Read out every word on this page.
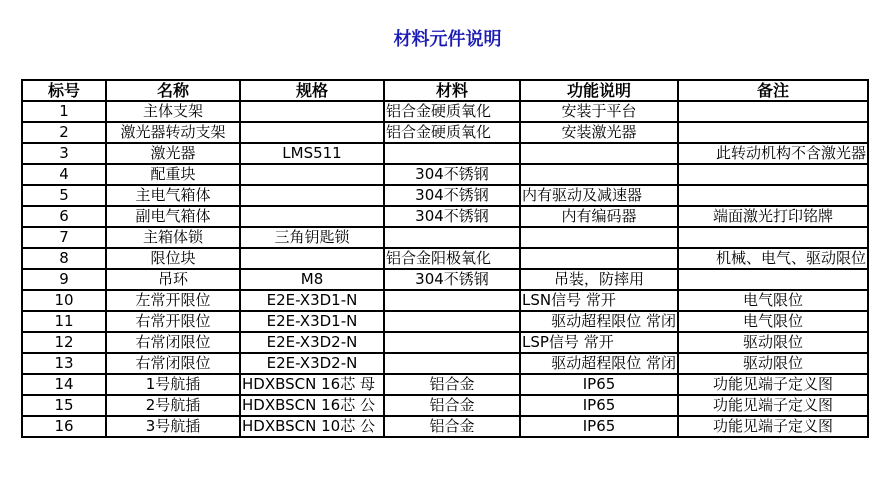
材料元件说明
标号	名称	规格	材料	功能说明	备注
1	主体支架		铝合金硬质氧化	安装于平台	
2	激光器转动支架		铝合金硬质氧化	安装激光器	
3	激光器	LMS511			此转动机构不含激光器
4	配重块		304不锈钢		
5	主电气箱体		304不锈钢	内有驱动及减速器	
6	副电气箱体		304不锈钢	内有编码器	端面激光打印铭牌
7	主箱体锁	三角钥匙锁			
8	限位块		铝合金阳极氧化		机械、电气、驱动限位
9	吊环	M8	304不锈钢	吊装，防摔用	
10	左常开限位	E2E-X3D1-N		LSN信号 常开	电气限位
11	右常开限位	E2E-X3D1-N		驱动超程限位 常闭	电气限位
12	右常闭限位	E2E-X3D2-N		LSP信号 常开	驱动限位
13	右常闭限位	E2E-X3D2-N		驱动超程限位 常闭	驱动限位
14	1号航插	HDXBSCN 16芯 母	铝合金	IP65	功能见端子定义图
15	2号航插	HDXBSCN 16芯 公	铝合金	IP65	功能见端子定义图
16	3号航插	HDXBSCN 10芯 公	铝合金	IP65	功能见端子定义图
